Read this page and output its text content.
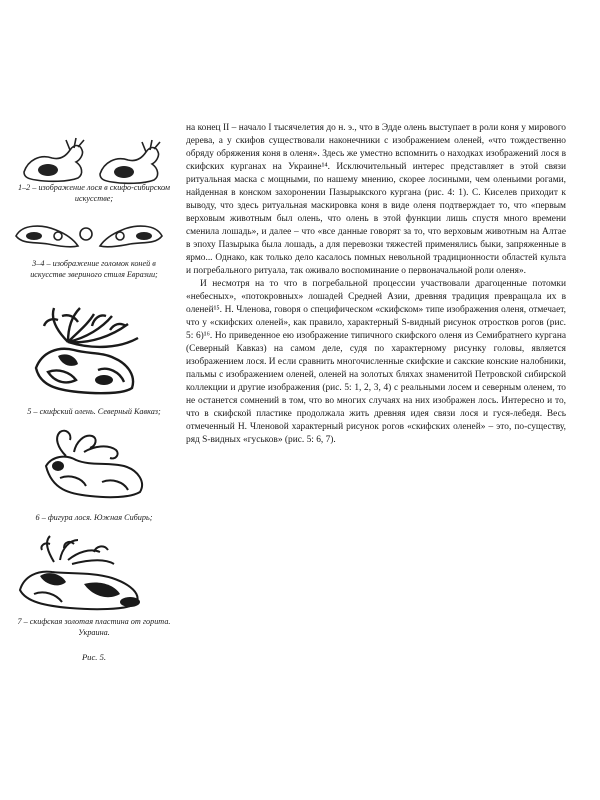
1–2 – изображение лося в скифо-сибирском искусстве;
3–4 – изображение голомок коней в искусстве звериного стиля Евразии;
5 – скифский олень. Северный Кавказ;
6 – фигура лося. Южная Сибирь;
7 – скифская золотая пластина от горита. Украина.
Рис. 5.

на конец II – начало I тысячелетия до н. э., что в Эдде олень выступает в роли коня у мирового дерева, а у скифов существовали наконечники с изображением оленей, «что тождественно обряду обряжения коня в оленя». Здесь же уместно вспомнить о находках изображений лося в скифских курганах на Украине¹⁴. Исключительный интерес представляет в этой связи ритуальная маска с мощными, по нашему мнению, скорее лосиными, чем оленьими рогами, найденная в конском захоронении Пазырыкского кургана (рис. 4: 1). С. Киселев приходит к выводу, что здесь ритуальная маскировка коня в виде оленя подтверждает то, что «первым верховым животным был олень, что олень в этой функции лишь спустя много времени сменила лошадь», и далее – что «все данные говорят за то, что верховым животным на Алтае в эпоху Пазырыка была лошадь, а для перевозки тяжестей применялись быки, запряженные в ярмо... Однако, как только дело касалось помных невольной традиционности областей культа и погребального ритуала, так оживало воспоминание о первоначальной роли оленя».

И несмотря на то что в погребальной процессии участвовали драгоценные потомки «небесных», «потокровных» лошадей Средней Азии, древняя традиция превращала их в оленей¹⁵. Н. Членова, говоря о специфическом «скифском» типе изображения оленя, отмечает, что у «скифских оленей», как правило, характерный S-видный рисунок отростков рогов (рис. 5: 6)¹⁶. Но приведенное ею изображение типичного скифского оленя из Семибратнего кургана (Северный Кавказ) на самом деле, судя по характерному рисунку головы, является изображением лося. И если сравнить многочисленные скифские и сакские конские налобники, пальмы с изображением оленей, оленей на золотых бляхах знаменитой Петровской сибирской коллекции и другие изображения (рис. 5: 1, 2, 3, 4) с реальными лосем и северным оленем, то не останется сомнений в том, что во многих случаях на них изображен лось. Интересно и то, что в скифской пластике продолжала жить древняя идея связи лося и гуся-лебедя. Весь отмеченный Н. Членовой характерный рисунок рогов «скифских оленей» – это, по-существу, ряд S-видных «гуськов» (рис. 5: 6, 7).
